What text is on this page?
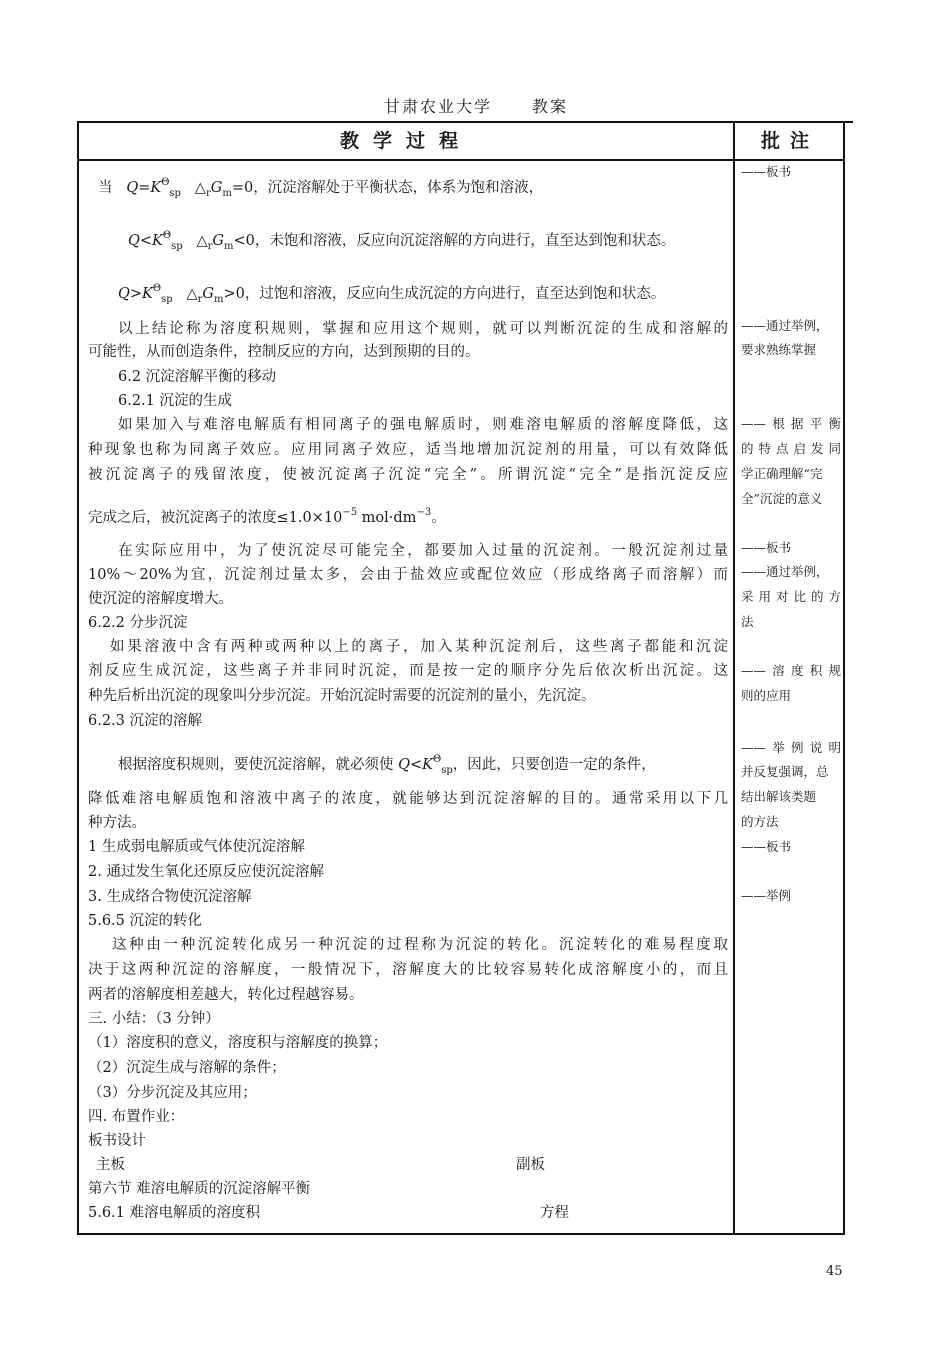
甘肃农业大学	教案
教学过程	批注
当 $Q=K^\Theta_{sp}$ $\triangle_rG_m=0$，沉淀溶解处于平衡状态，体系为饱和溶液，
$Q<K^\Theta_{sp}$ $\triangle_rG_m<0$，未饱和溶液，反应向沉淀溶解的方向进行，直至达到饱和状态。
$Q>K^\Theta_{sp}$ $\triangle_rG_m>0$，过饱和溶液，反应向生成沉淀的方向进行，直至达到饱和状态。
以上结论称为溶度积规则，掌握和应用这个规则，就可以判断沉淀的生成和溶解的
可能性，从而创造条件，控制反应的方向，达到预期的目的。
6.2 沉淀溶解平衡的移动
6.2.1 沉淀的生成
如果加入与难溶电解质有相同离子的强电解质时，则难溶电解质的溶解度降低，这
种现象也称为同离子效应。应用同离子效应，适当地增加沉淀剂的用量，可以有效降低
被沉淀离子的残留浓度，使被沉淀离子沉淀“完全”。所谓沉淀“完全”是指沉淀反应
完成之后，被沉淀离子的浓度$\le 1.0\times 10^{-5}$ $mol\cdot dm^{-3}$。
在实际应用中，为了使沉淀尽可能完全，都要加入过量的沉淀剂。一般沉淀剂过量
10%～20%为宜，沉淀剂过量太多，会由于盐效应或配位效应（形成络离子而溶解）而
使沉淀的溶解度增大。
6.2.2 分步沉淀
如果溶液中含有两种或两种以上的离子，加入某种沉淀剂后，这些离子都能和沉淀
剂反应生成沉淀，这些离子并非同时沉淀，而是按一定的顺序分先后依次析出沉淀。这
种先后析出沉淀的现象叫分步沉淀。开始沉淀时需要的沉淀剂的量小，先沉淀。
6.2.3 沉淀的溶解
根据溶度积规则，要使沉淀溶解，就必须使 $Q<K^\Theta_{sp}$，因此，只要创造一定的条件，
降低难溶电解质饱和溶液中离子的浓度，就能够达到沉淀溶解的目的。通常采用以下几
种方法。
1 生成弱电解质或气体使沉淀溶解
2. 通过发生氧化还原反应使沉淀溶解
3. 生成络合物使沉淀溶解
5.6.5 沉淀的转化
这种由一种沉淀转化成另一种沉淀的过程称为沉淀的转化。沉淀转化的难易程度取
决于这两种沉淀的溶解度，一般情况下，溶解度大的比较容易转化成溶解度小的，而且
两者的溶解度相差越大，转化过程越容易。
三. 小结：（3 分钟）
（1）溶度积的意义，溶度积与溶解度的换算；
（2）沉淀生成与溶解的条件；
（3）分步沉淀及其应用；
四. 布置作业：
板书设计
主板	副板
第六节 难溶电解质的沉淀溶解平衡
5.6.1 难溶电解质的溶度积	方程
——板书
——通过举例，
要求熟练掌握
——根据平衡
的特点启发同
学正确理解“完
全”沉淀的意义
——板书
——通过举例，
采用对比的方
法
——溶度积规
则的应用
——举例说明
并反复强调，总
结出解该类题
的方法
——板书
——举例
45
